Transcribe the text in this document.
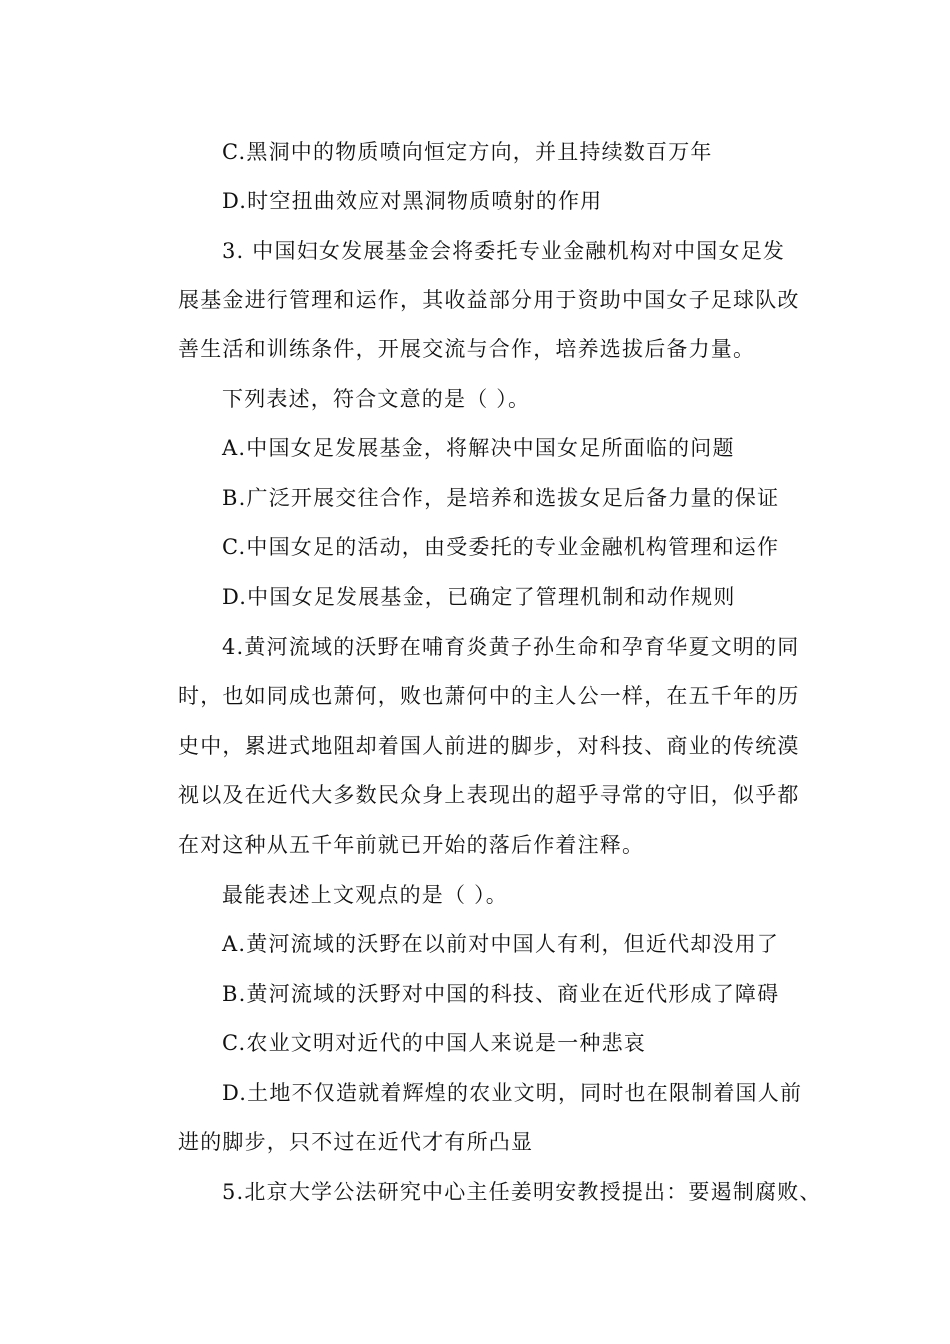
C.黑洞中的物质喷向恒定方向，并且持续数百万年
D.时空扭曲效应对黑洞物质喷射的作用
3. 中国妇女发展基金会将委托专业金融机构对中国女足发
展基金进行管理和运作，其收益部分用于资助中国女子足球队改
善生活和训练条件，开展交流与合作，培养选拔后备力量。
下列表述，符合文意的是（ ）。
A.中国女足发展基金，将解决中国女足所面临的问题
B.广泛开展交往合作，是培养和选拔女足后备力量的保证
C.中国女足的活动，由受委托的专业金融机构管理和运作
D.中国女足发展基金，已确定了管理机制和动作规则
4.黄河流域的沃野在哺育炎黄子孙生命和孕育华夏文明的同
时，也如同成也萧何，败也萧何中的主人公一样，在五千年的历
史中，累进式地阻却着国人前进的脚步，对科技、商业的传统漠
视以及在近代大多数民众身上表现出的超乎寻常的守旧，似乎都
在对这种从五千年前就已开始的落后作着注释。
最能表述上文观点的是（ ）。
A.黄河流域的沃野在以前对中国人有利，但近代却没用了
B.黄河流域的沃野对中国的科技、商业在近代形成了障碍
C.农业文明对近代的中国人来说是一种悲哀
D.土地不仅造就着辉煌的农业文明，同时也在限制着国人前
进的脚步，只不过在近代才有所凸显
5.北京大学公法研究中心主任姜明安教授提出：要遏制腐败、
